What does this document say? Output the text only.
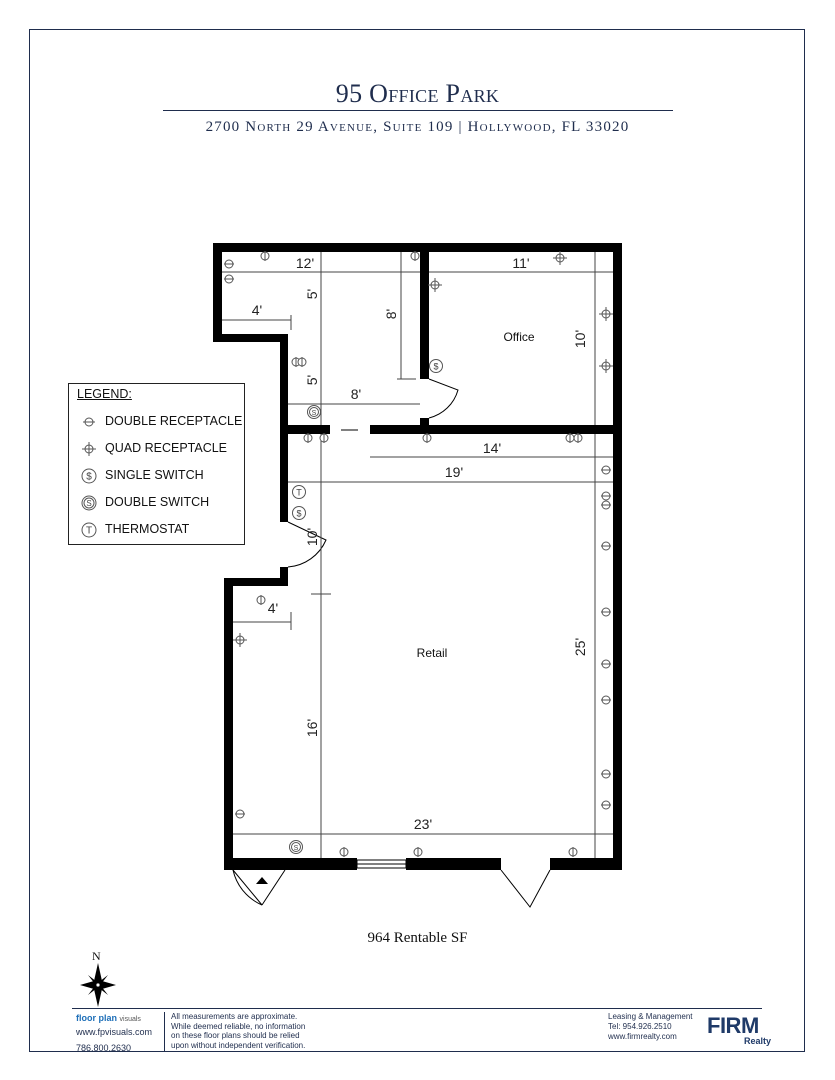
95 Office Park
2700 North 29 Avenue, Suite 109 | Hollywood, FL 33020
12'	11'
5'
8'
10'
4'
5'
8'
14'
19'
10'
4'
25'
16'
23'
Office
Retail
$
S
T
$
S
LEGEND:
DOUBLE RECEPTACLE
QUAD RECEPTACLE
$ SINGLE SWITCH
S DOUBLE SWITCH
T THERMOSTAT
964 Rentable SF
N
floor plan visuals
www.fpvisuals.com
786.800.2630
All measurements are approximate.
While deemed reliable, no information
on these floor plans should be relied
upon without independent verification.
Leasing & Management
Tel: 954.926.2510
www.firmrealty.com	FIRM
Realty
